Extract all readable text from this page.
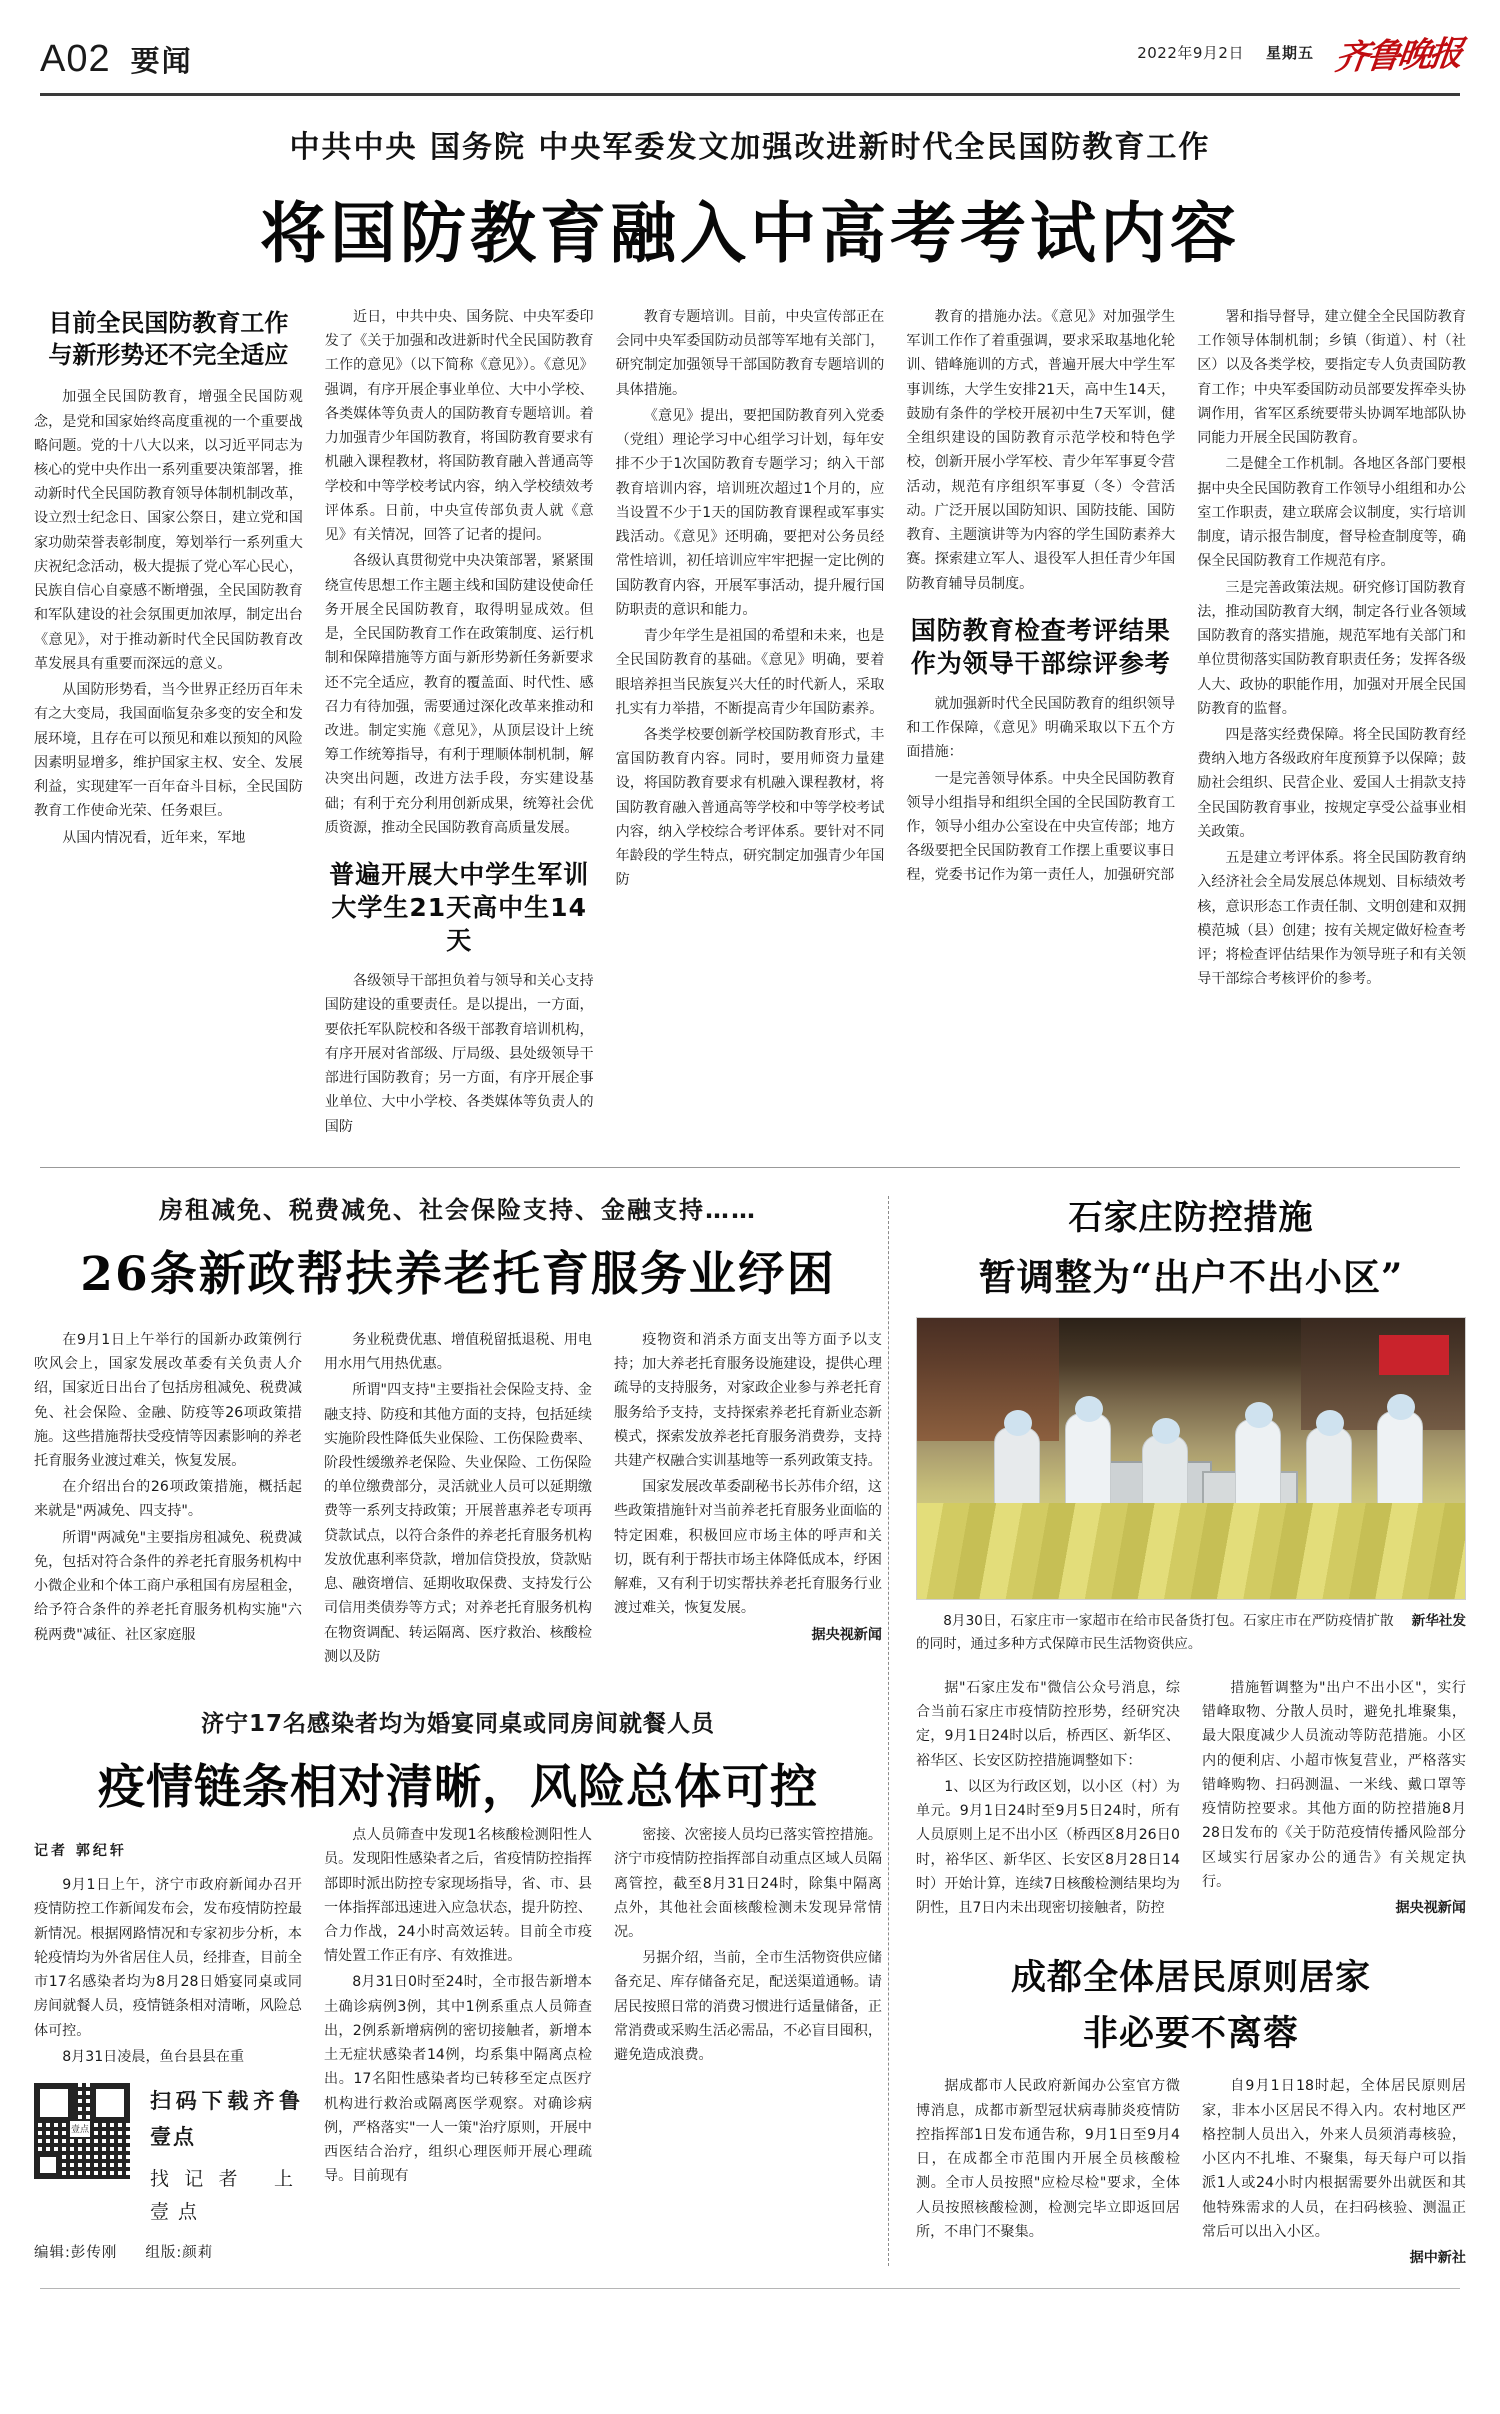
A02 要闻	2022年9月2日 星期五 齐鲁晚报
中共中央 国务院 中央军委发文加强改进新时代全民国防教育工作
将国防教育融入中高考考试内容
目前全民国防教育工作
与新形势还不完全适应

加强全民国防教育，增强全民国防观念，是党和国家始终高度重视的一个重要战略问题。党的十八大以来，以习近平同志为核心的党中央作出一系列重要决策部署，推动新时代全民国防教育领导体制机制改革，设立烈士纪念日、国家公祭日，建立党和国家功勋荣誉表彰制度，筹划举行一系列重大庆祝纪念活动，极大提振了党心军心民心，民族自信心自豪感不断增强，全民国防教育和军队建设的社会氛围更加浓厚，制定出台《意见》，对于推动新时代全民国防教育改革发展具有重要而深远的意义。

从国防形势看，当今世界正经历百年未有之大变局，我国面临复杂多变的安全和发展环境，且存在可以预见和难以预知的风险因素明显增多，维护国家主权、安全、发展利益，实现建军一百年奋斗目标，全民国防教育工作使命光荣、任务艰巨。

从国内情况看，近年来，军地

近日，中共中央、国务院、中央军委印发了《关于加强和改进新时代全民国防教育工作的意见》（以下简称《意见》）。《意见》强调，有序开展企事业单位、大中小学校、各类媒体等负责人的国防教育专题培训。着力加强青少年国防教育，将国防教育要求有机融入课程教材，将国防教育融入普通高等学校和中等学校考试内容，纳入学校绩效考评体系。日前，中央宣传部负责人就《意见》有关情况，回答了记者的提问。

各级认真贯彻党中央决策部署，紧紧围绕宣传思想工作主题主线和国防建设使命任务开展全民国防教育，取得明显成效。但是，全民国防教育工作在政策制度、运行机制和保障措施等方面与新形势新任务新要求还不完全适应，教育的覆盖面、时代性、感召力有待加强，需要通过深化改革来推动和改进。制定实施《意见》，从顶层设计上统筹工作统筹指导，有利于理顺体制机制，解决突出问题，改进方法手段，夯实建设基础；有利于充分利用创新成果，统筹社会优质资源，推动全民国防教育高质量发展。

普遍开展大中学生军训
大学生21天高中生14天

各级领导干部担负着与领导和关心支持国防建设的重要责任。是以提出，一方面，要依托军队院校和各级干部教育培训机构，有序开展对省部级、厅局级、县处级领导干部进行国防教育；另一方面，有序开展企事业单位、大中小学校、各类媒体等负责人的国防

教育专题培训。目前，中央宣传部正在会同中央军委国防动员部等军地有关部门，研究制定加强领导干部国防教育专题培训的具体措施。

《意见》提出，要把国防教育列入党委（党组）理论学习中心组学习计划，每年安排不少于1次国防教育专题学习；纳入干部教育培训内容，培训班次超过1个月的，应当设置不少于1天的国防教育课程或军事实践活动。《意见》还明确，要把对公务员经常性培训，初任培训应牢牢把握一定比例的国防教育内容，开展军事活动，提升履行国防职责的意识和能力。

青少年学生是祖国的希望和未来，也是全民国防教育的基础。《意见》明确，要着眼培养担当民族复兴大任的时代新人，采取扎实有力举措，不断提高青少年国防素养。

各类学校要创新学校国防教育形式，丰富国防教育内容。同时，要用师资力量建设，将国防教育要求有机融入课程教材，将国防教育融入普通高等学校和中等学校考试内容，纳入学校综合考评体系。要针对不同年龄段的学生特点，研究制定加强青少年国防

教育的措施办法。《意见》对加强学生军训工作作了着重强调，要求采取基地化轮训、错峰施训的方式，普遍开展大中学生军事训练，大学生安排21天，高中生14天，鼓励有条件的学校开展初中生7天军训，健全组织建设的国防教育示范学校和特色学校，创新开展小学军校、青少年军事夏令营活动，规范有序组织军事夏（冬）令营活动。广泛开展以国防知识、国防技能、国防教育、主题演讲等为内容的学生国防素养大赛。探索建立军人、退役军人担任青少年国防教育辅导员制度。

国防教育检查考评结果
作为领导干部综评参考

就加强新时代全民国防教育的组织领导和工作保障，《意见》明确采取以下五个方面措施：

一是完善领导体系。中央全民国防教育领导小组指导和组织全国的全民国防教育工作，领导小组办公室设在中央宣传部；地方各级要把全民国防教育工作摆上重要议事日程，党委书记作为第一责任人，加强研究部

署和指导督导，建立健全全民国防教育工作领导体制机制；乡镇（街道）、村（社区）以及各类学校，要指定专人负责国防教育工作；中央军委国防动员部要发挥牵头协调作用，省军区系统要带头协调军地部队协同能力开展全民国防教育。

二是健全工作机制。各地区各部门要根据中央全民国防教育工作领导小组组和办公室工作职责，建立联席会议制度，实行培训制度，请示报告制度，督导检查制度等，确保全民国防教育工作规范有序。

三是完善政策法规。研究修订国防教育法，推动国防教育大纲，制定各行业各领域国防教育的落实措施，规范军地有关部门和单位贯彻落实国防教育职责任务；发挥各级人大、政协的职能作用，加强对开展全民国防教育的监督。

四是落实经费保障。将全民国防教育经费纳入地方各级政府年度预算予以保障；鼓励社会组织、民营企业、爱国人士捐款支持全民国防教育事业，按规定享受公益事业相关政策。

五是建立考评体系。将全民国防教育纳入经济社会全局发展总体规划、目标绩效考核，意识形态工作责任制、文明创建和双拥模范城（县）创建；按有关规定做好检查考评；将检查评估结果作为领导班子和有关领导干部综合考核评价的参考。

房租减免、税费减免、社会保险支持、金融支持……
26条新政帮扶养老托育服务业纾困

在9月1日上午举行的国新办政策例行吹风会上，国家发展改革委有关负责人介绍，国家近日出台了包括房租减免、税费减免、社会保险、金融、防疫等26项政策措施。这些措施帮扶受疫情等因素影响的养老托育服务业渡过难关，恢复发展。

在介绍出台的26项政策措施，概括起来就是"两减免、四支持"。

所谓"两减免"主要指房租减免、税费减免，包括对符合条件的养老托育服务机构中小微企业和个体工商户承租国有房屋租金，给予符合条件的养老托育服务机构实施"六税两费"减征、社区家庭服

务业税费优惠、增值税留抵退税、用电用水用气用热优惠。

所谓"四支持"主要指社会保险支持、金融支持、防疫和其他方面的支持，包括延续实施阶段性降低失业保险、工伤保险费率、阶段性缓缴养老保险、失业保险、工伤保险的单位缴费部分，灵活就业人员可以延期缴费等一系列支持政策；开展普惠养老专项再贷款试点，以符合条件的养老托育服务机构发放优惠利率贷款，增加信贷投放，贷款贴息、融资增信、延期收取保费、支持发行公司信用类债券等方式；对养老托育服务机构在物资调配、转运隔离、医疗救治、核酸检测以及防

疫物资和消杀方面支出等方面予以支持；加大养老托育服务设施建设，提供心理疏导的支持服务，对家政企业参与养老托育服务给予支持，支持探索养老托育新业态新模式，探索发放养老托育服务消费券，支持共建产权融合实训基地等一系列政策支持。

国家发展改革委副秘书长苏伟介绍，这些政策措施针对当前养老托育服务业面临的特定困难，积极回应市场主体的呼声和关切，既有利于帮扶市场主体降低成本，纾困解难，又有利于切实帮扶养老托育服务行业渡过难关，恢复发展。

据央视新闻

济宁17名感染者均为婚宴同桌或同房间就餐人员
疫情链条相对清晰，风险总体可控
记者 郭纪轩

9月1日上午，济宁市政府新闻办召开疫情防控工作新闻发布会，发布疫情防控最新情况。根据网路情况和专家初步分析，本轮疫情均为外省居住人员，经排查，目前全市17名感染者均为8月28日婚宴同桌或同房间就餐人员，疫情链条相对清晰，风险总体可控。

8月31日凌晨，鱼台县县在重

壹点
扫码下载齐鲁壹点
找记者 上壹点
编辑:彭传刚 组版:颜莉

点人员筛查中发现1名核酸检测阳性人员。发现阳性感染者之后，省疫情防控指挥部即时派出防控专家现场指导，省、市、县一体指挥部迅速进入应急状态，提升防控、合力作战，24小时高效运转。目前全市疫情处置工作正有序、有效推进。

8月31日0时至24时，全市报告新增本土确诊病例3例，其中1例系重点人员筛查出，2例系新增病例的密切接触者，新增本土无症状感染者14例，均系集中隔离点检出。17名阳性感染者均已转移至定点医疗机构进行救治或隔离医学观察。对确诊病例，严格落实"一人一策"治疗原则，开展中西医结合治疗，组织心理医师开展心理疏导。目前现有

密接、次密接人员均已落实管控措施。济宁市疫情防控指挥部自动重点区域人员隔离管控，截至8月31日24时，除集中隔离点外，其他社会面核酸检测未发现异常情况。

另据介绍，当前，全市生活物资供应储备充足、库存储备充足，配送渠道通畅。请居民按照日常的消费习惯进行适量储备，正常消费或采购生活必需品，不必盲目囤积，避免造成浪费。

石家庄防控措施
暂调整为“出户不出小区”
新华社发
8月30日，石家庄市一家超市在给市民备货打包。石家庄市在严防疫情扩散的同时，通过多种方式保障市民生活物资供应。

据"石家庄发布"微信公众号消息，综合当前石家庄市疫情防控形势，经研究决定，9月1日24时以后，桥西区、新华区、裕华区、长安区防控措施调整如下：

1、以区为行政区划，以小区（村）为单元。9月1日24时至9月5日24时，所有人员原则上足不出小区（桥西区8月26日0时，裕华区、新华区、长安区8月28日14时）开始计算，连续7日核酸检测结果均为阴性，且7日内未出现密切接触者，防控

措施暂调整为"出户不出小区"，实行错峰取物、分散人员时，避免扎堆聚集，最大限度减少人员流动等防范措施。小区内的便利店、小超市恢复营业，严格落实错峰购物、扫码测温、一米线、戴口罩等疫情防控要求。其他方面的防控措施8月28日发布的《关于防范疫情传播风险部分区域实行居家办公的通告》有关规定执行。

据央视新闻

成都全体居民原则居家
非必要不离蓉

据成都市人民政府新闻办公室官方微博消息，成都市新型冠状病毒肺炎疫情防控指挥部1日发布通告称，9月1日至9月4日，在成都全市范围内开展全员核酸检测。全市人员按照"应检尽检"要求，全体人员按照核酸检测，检测完毕立即返回居所，不串门不聚集。

自9月1日18时起，全体居民原则居家，非本小区居民不得入内。农村地区严格控制人员出入，外来人员须消毒核验，小区内不扎堆、不聚集，每天每户可以指派1人或24小时内根据需要外出就医和其他特殊需求的人员，在扫码核验、测温正常后可以出入小区。

据中新社
